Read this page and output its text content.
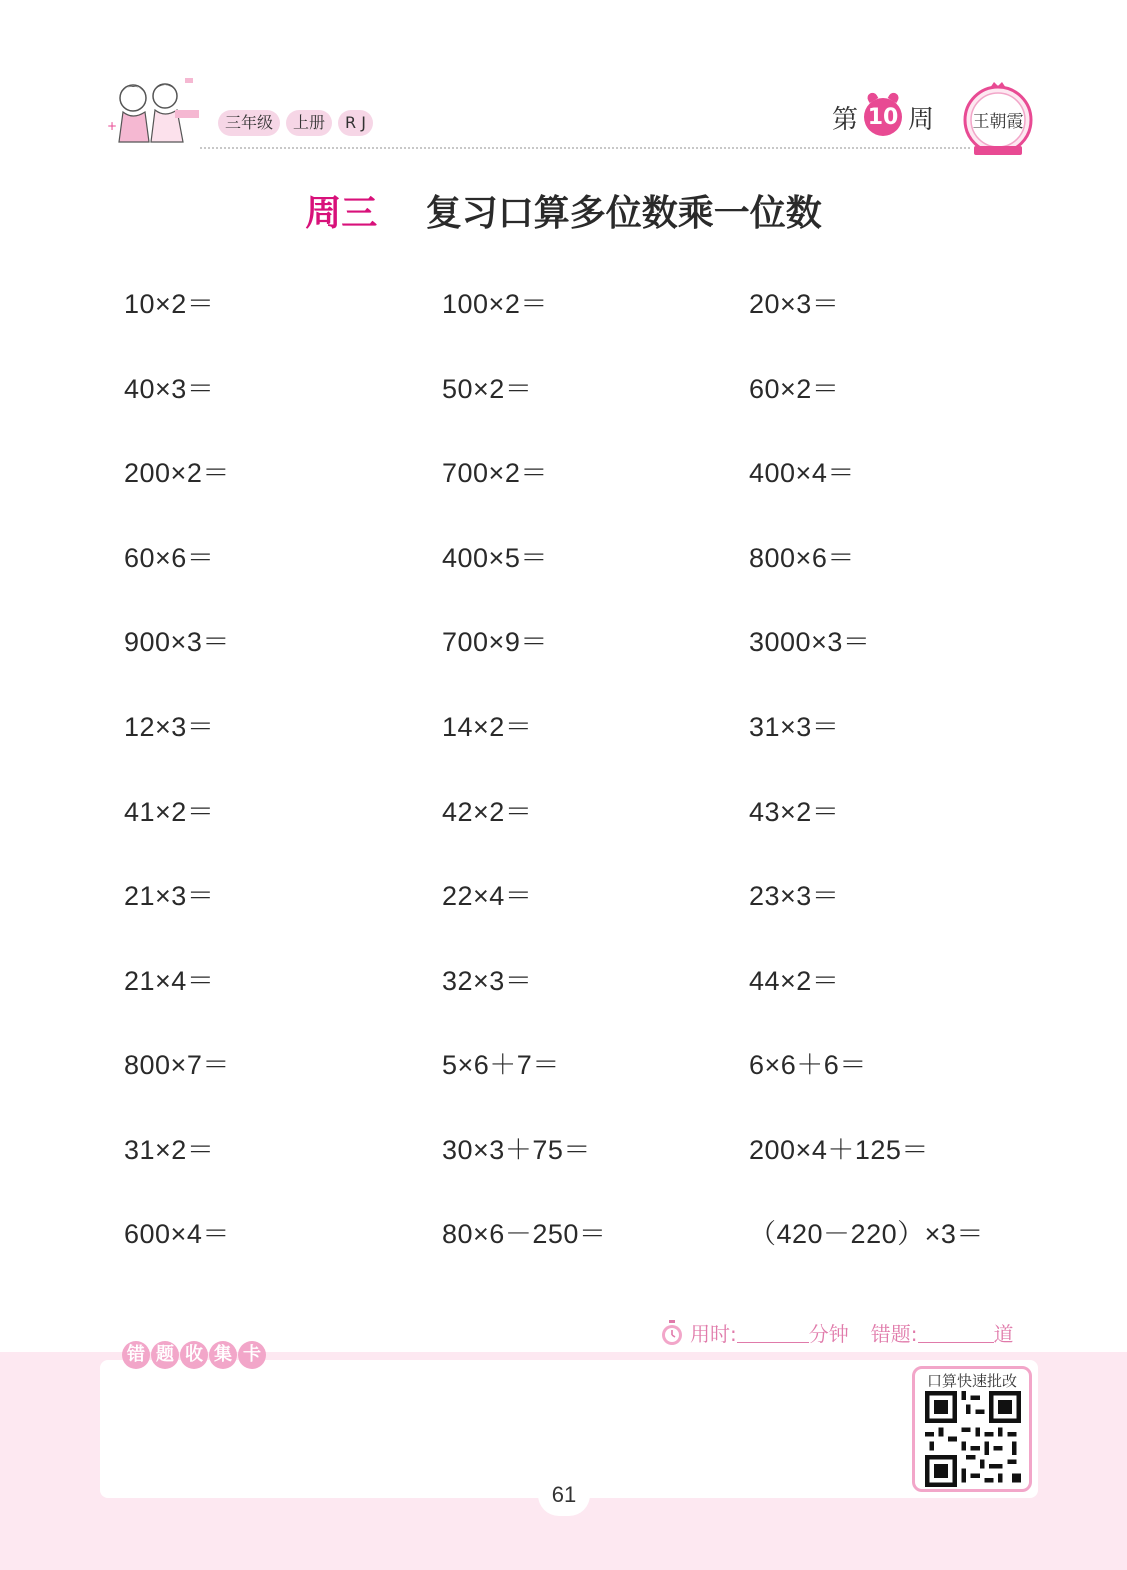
+	三年级	上册	R J	第 10 周 王朝霞
周三 复习口算多位数乘一位数
10×2＝	100×2＝	20×3＝
40×3＝	50×2＝	60×2＝
200×2＝	700×2＝	400×4＝
60×6＝	400×5＝	800×6＝
900×3＝	700×9＝	3000×3＝
12×3＝	14×2＝	31×3＝
41×2＝	42×2＝	43×2＝
21×3＝	22×4＝	23×3＝
21×4＝	32×3＝	44×2＝
800×7＝	5×6＋7＝	6×6＋6＝
31×2＝	30×3＋75＝	200×4＋125＝
600×4＝	80×6－250＝	（420－220）×3＝
用时:	分钟 错题:	道
错 题 收 集 卡
口算快速批改
61
